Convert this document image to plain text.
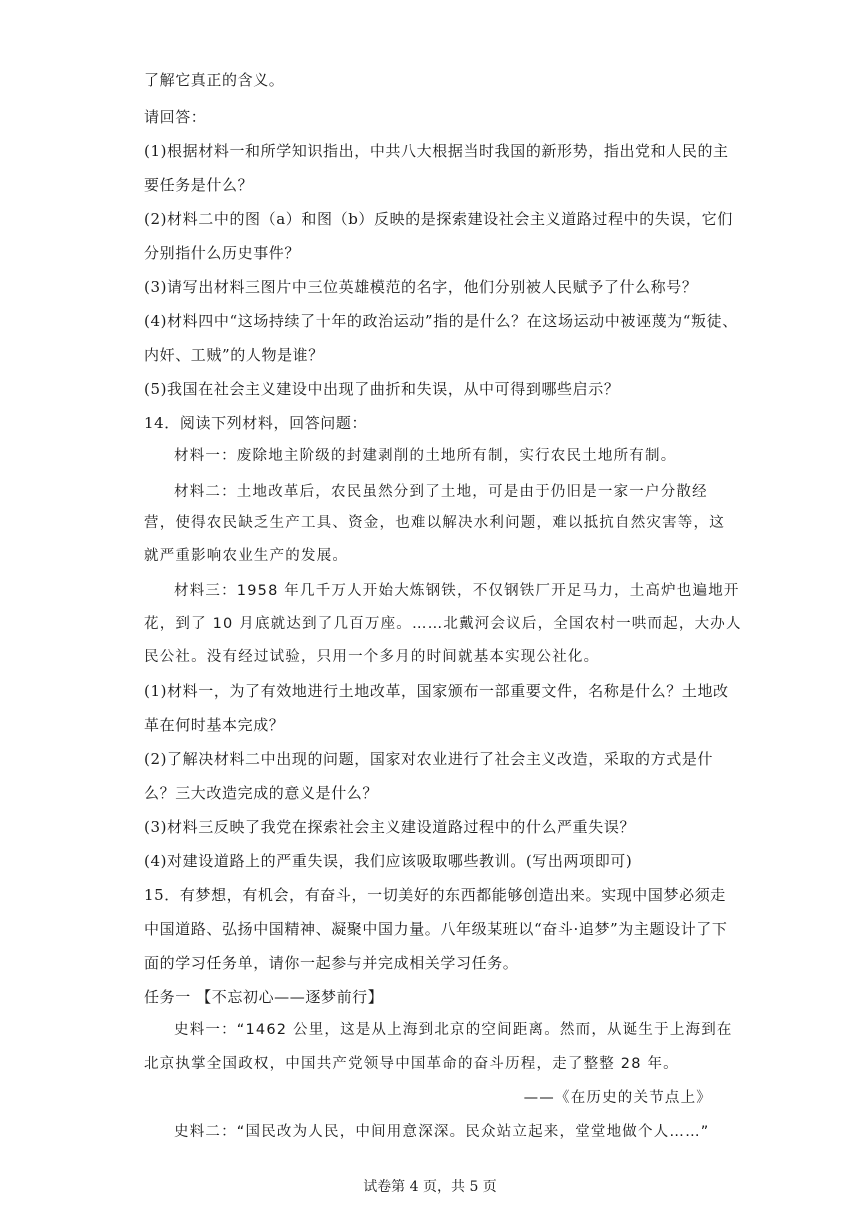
了解它真正的含义。
请回答：
(1)根据材料一和所学知识指出，中共八大根据当时我国的新形势，指出党和人民的主
要任务是什么？
(2)材料二中的图（a）和图（b）反映的是探索建设社会主义道路过程中的失误，它们
分别指什么历史事件？
(3)请写出材料三图片中三位英雄模范的名字，他们分别被人民赋予了什么称号？
(4)材料四中“这场持续了十年的政治运动”指的是什么？在这场运动中被诬蔑为“叛徒、
内奸、工贼”的人物是谁？
(5)我国在社会主义建设中出现了曲折和失误，从中可得到哪些启示？
14．阅读下列材料，回答问题：
材料一：废除地主阶级的封建剥削的土地所有制，实行农民土地所有制。
材料二：土地改革后，农民虽然分到了土地，可是由于仍旧是一家一户分散经
营，使得农民缺乏生产工具、资金，也难以解决水利问题，难以抵抗自然灾害等，这
就严重影响农业生产的发展。
材料三：1958 年几千万人开始大炼钢铁，不仅钢铁厂开足马力，土高炉也遍地开
花，到了 10 月底就达到了几百万座。……北戴河会议后，全国农村一哄而起，大办人
民公社。没有经过试验，只用一个多月的时间就基本实现公社化。
(1)材料一，为了有效地进行土地改革，国家颁布一部重要文件，名称是什么？土地改
革在何时基本完成？
(2)了解决材料二中出现的问题，国家对农业进行了社会主义改造，采取的方式是什
么？三大改造完成的意义是什么？
(3)材料三反映了我党在探索社会主义建设道路过程中的什么严重失误？
(4)对建设道路上的严重失误，我们应该吸取哪些教训。(写出两项即可)
15．有梦想，有机会，有奋斗，一切美好的东西都能够创造出来。实现中国梦必须走
中国道路、弘扬中国精神、凝聚中国力量。八年级某班以“奋斗·追梦”为主题设计了下
面的学习任务单，请你一起参与并完成相关学习任务。
任务一 【不忘初心——逐梦前行】
史料一：“1462 公里，这是从上海到北京的空间距离。然而，从诞生于上海到在
北京执掌全国政权，中国共产党领导中国革命的奋斗历程，走了整整 28 年。
——《在历史的关节点上》
史料二：“国民改为人民，中间用意深深。民众站立起来，堂堂地做个人……”
试卷第 4 页，共 5 页
